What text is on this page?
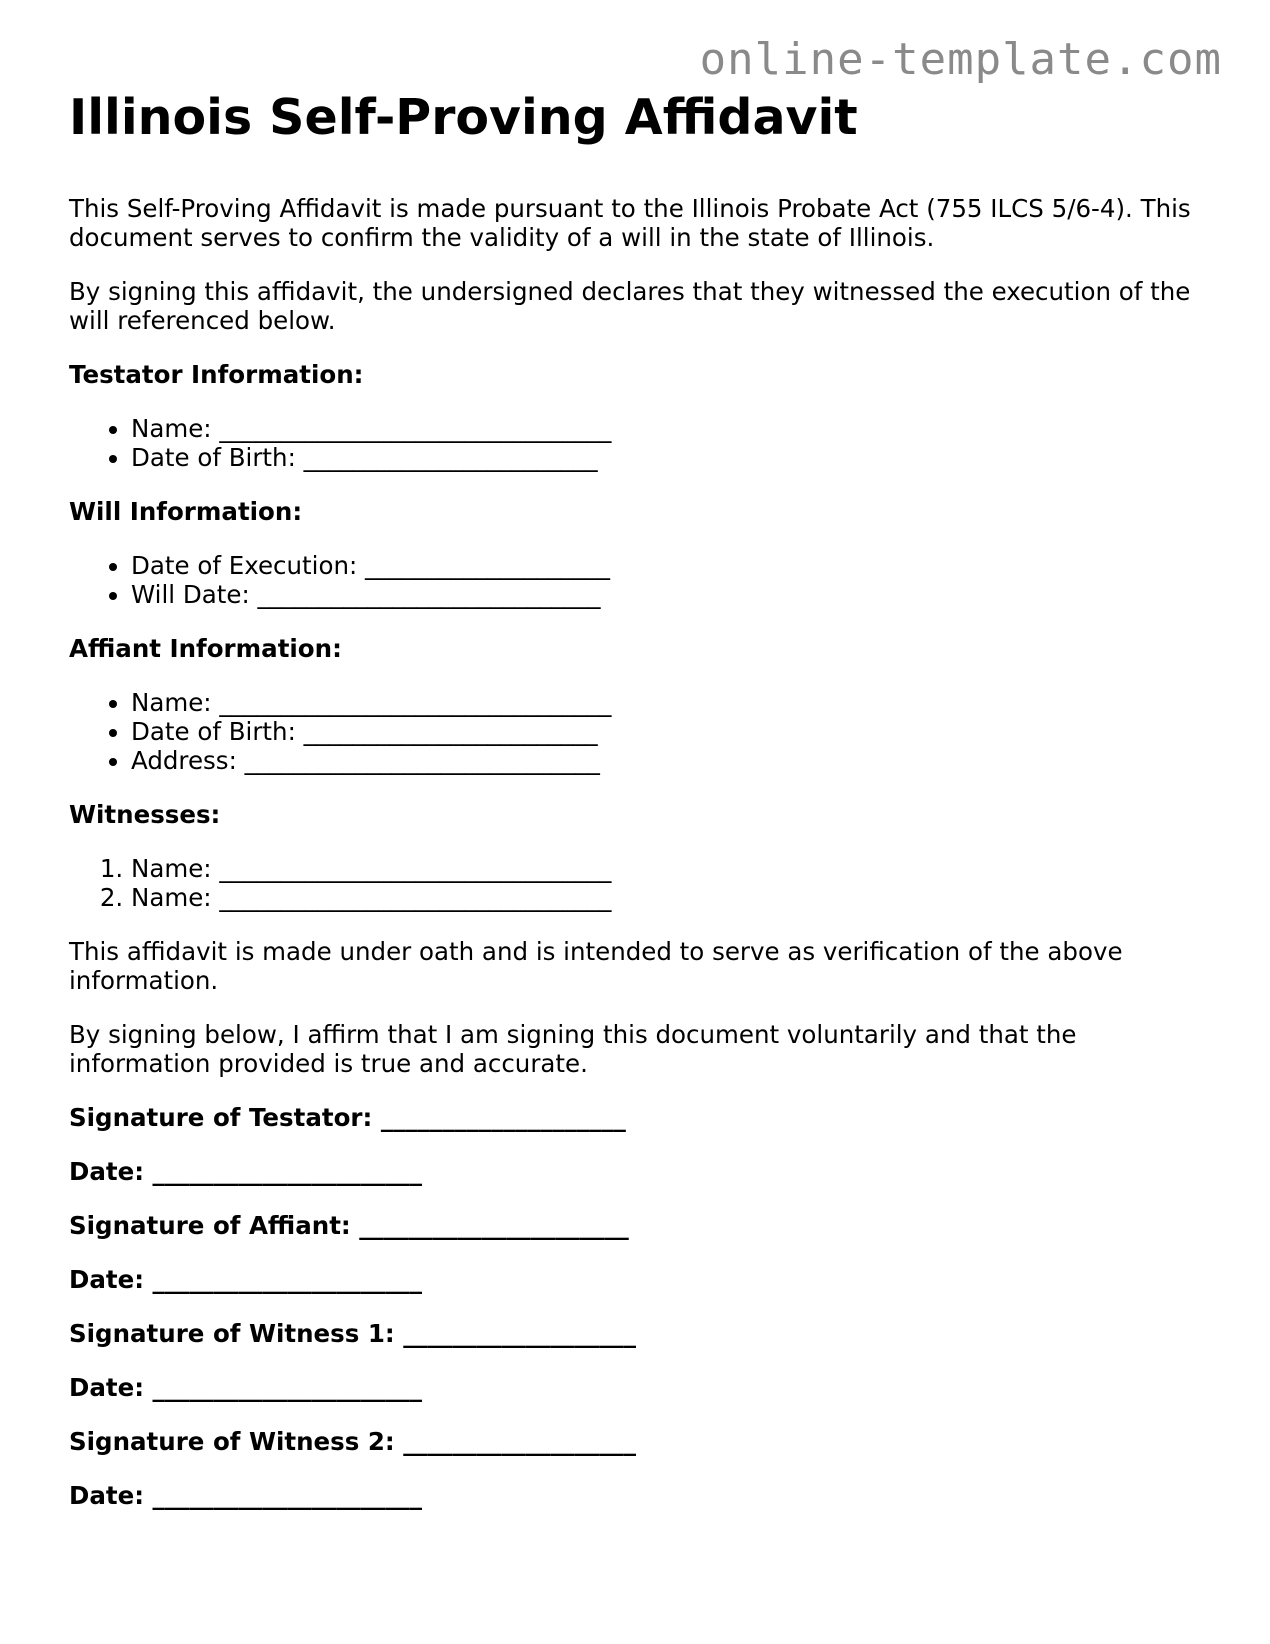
online-template.com
Illinois Self-Proving Affidavit

This Self-Proving Affidavit is made pursuant to the Illinois Probate Act (755 ILCS 5/6-4). This document serves to confirm the validity of a will in the state of Illinois.

By signing this affidavit, the undersigned declares that they witnessed the execution of the will referenced below.

Testator Information:

• Name: ________________________________
• Date of Birth: ________________________

Will Information:

• Date of Execution: ____________________
• Will Date: ____________________________

Affiant Information:

• Name: ________________________________
• Date of Birth: ________________________
• Address: _____________________________

Witnesses:

1. Name: ________________________________
2. Name: ________________________________

This affidavit is made under oath and is intended to serve as verification of the above information.

By signing below, I affirm that I am signing this document voluntarily and that the information provided is true and accurate.

Signature of Testator: ____________________

Date: ______________________

Signature of Affiant: ______________________

Date: ______________________

Signature of Witness 1: ___________________

Date: ______________________

Signature of Witness 2: ___________________

Date: ______________________
